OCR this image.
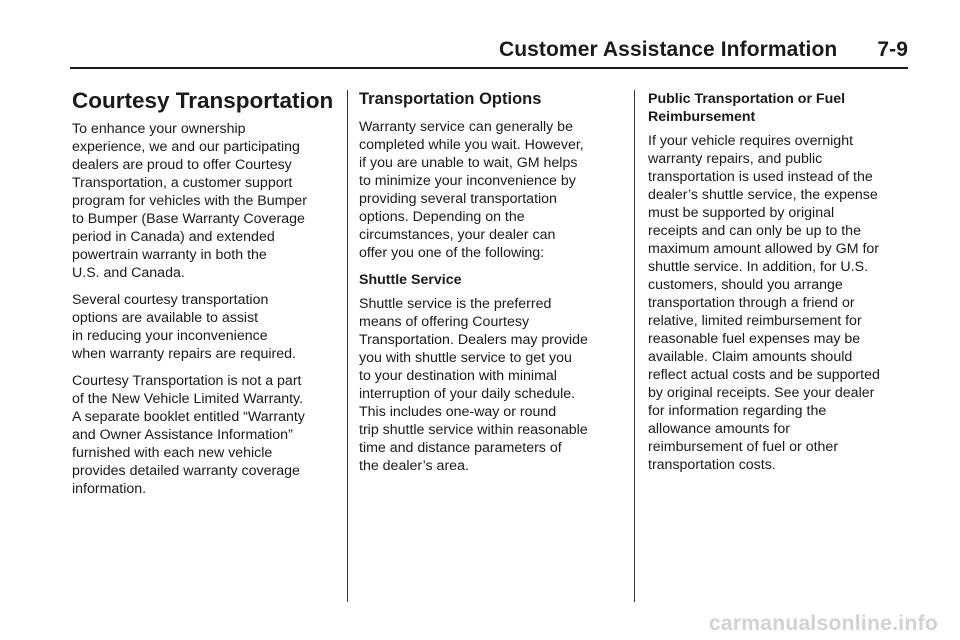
Customer Assistance Information 7-9
Courtesy Transportation

To enhance your ownership
experience, we and our participating
dealers are proud to offer Courtesy
Transportation, a customer support
program for vehicles with the Bumper
to Bumper (Base Warranty Coverage
period in Canada) and extended
powertrain warranty in both the
U.S. and Canada.

Several courtesy transportation
options are available to assist
in reducing your inconvenience
when warranty repairs are required.

Courtesy Transportation is not a part
of the New Vehicle Limited Warranty.
A separate booklet entitled “Warranty
and Owner Assistance Information”
furnished with each new vehicle
provides detailed warranty coverage
information.

Transportation Options

Warranty service can generally be
completed while you wait. However,
if you are unable to wait, GM helps
to minimize your inconvenience by
providing several transportation
options. Depending on the
circumstances, your dealer can
offer you one of the following:

Shuttle Service

Shuttle service is the preferred
means of offering Courtesy
Transportation. Dealers may provide
you with shuttle service to get you
to your destination with minimal
interruption of your daily schedule.
This includes one-way or round
trip shuttle service within reasonable
time and distance parameters of
the dealer’s area.

Public Transportation or Fuel
Reimbursement

If your vehicle requires overnight
warranty repairs, and public
transportation is used instead of the
dealer’s shuttle service, the expense
must be supported by original
receipts and can only be up to the
maximum amount allowed by GM for
shuttle service. In addition, for U.S.
customers, should you arrange
transportation through a friend or
relative, limited reimbursement for
reasonable fuel expenses may be
available. Claim amounts should
reflect actual costs and be supported
by original receipts. See your dealer
for information regarding the
allowance amounts for
reimbursement of fuel or other
transportation costs.

carmanualsonline.info
